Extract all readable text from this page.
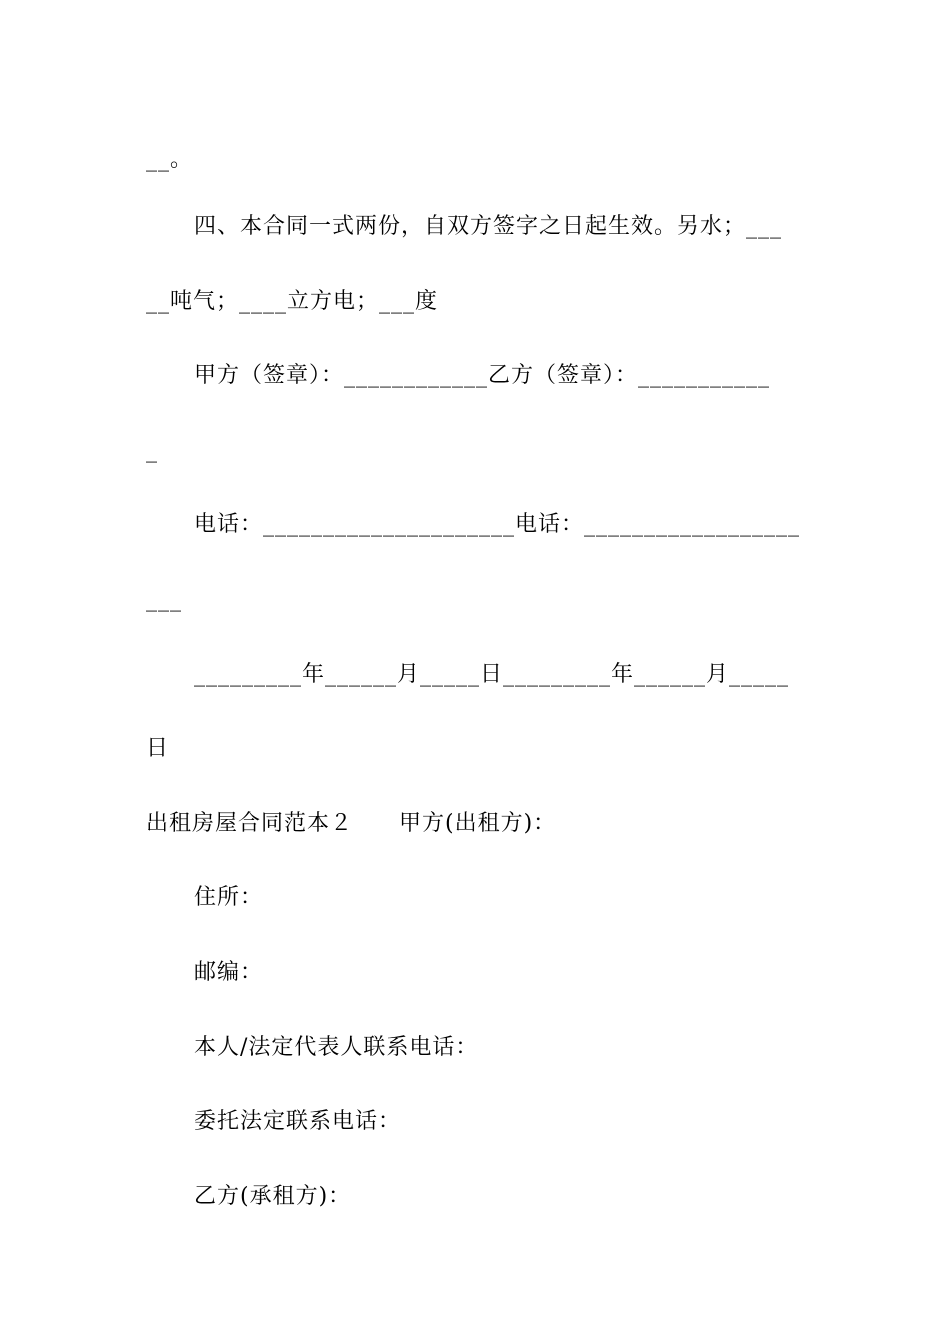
__。
四、本合同一式两份，自双方签字之日起生效。另水；___
__吨气；____立方电；___度
甲方（签章）：____________乙方（签章）：___________
_
电话：_____________________电话：__________________
___
_________年______月_____日_________年______月_____
日
出租房屋合同范本２　　甲方(出租方)：
住所：
邮编：
本人/法定代表人联系电话：
委托法定联系电话：
乙方(承租方)：
